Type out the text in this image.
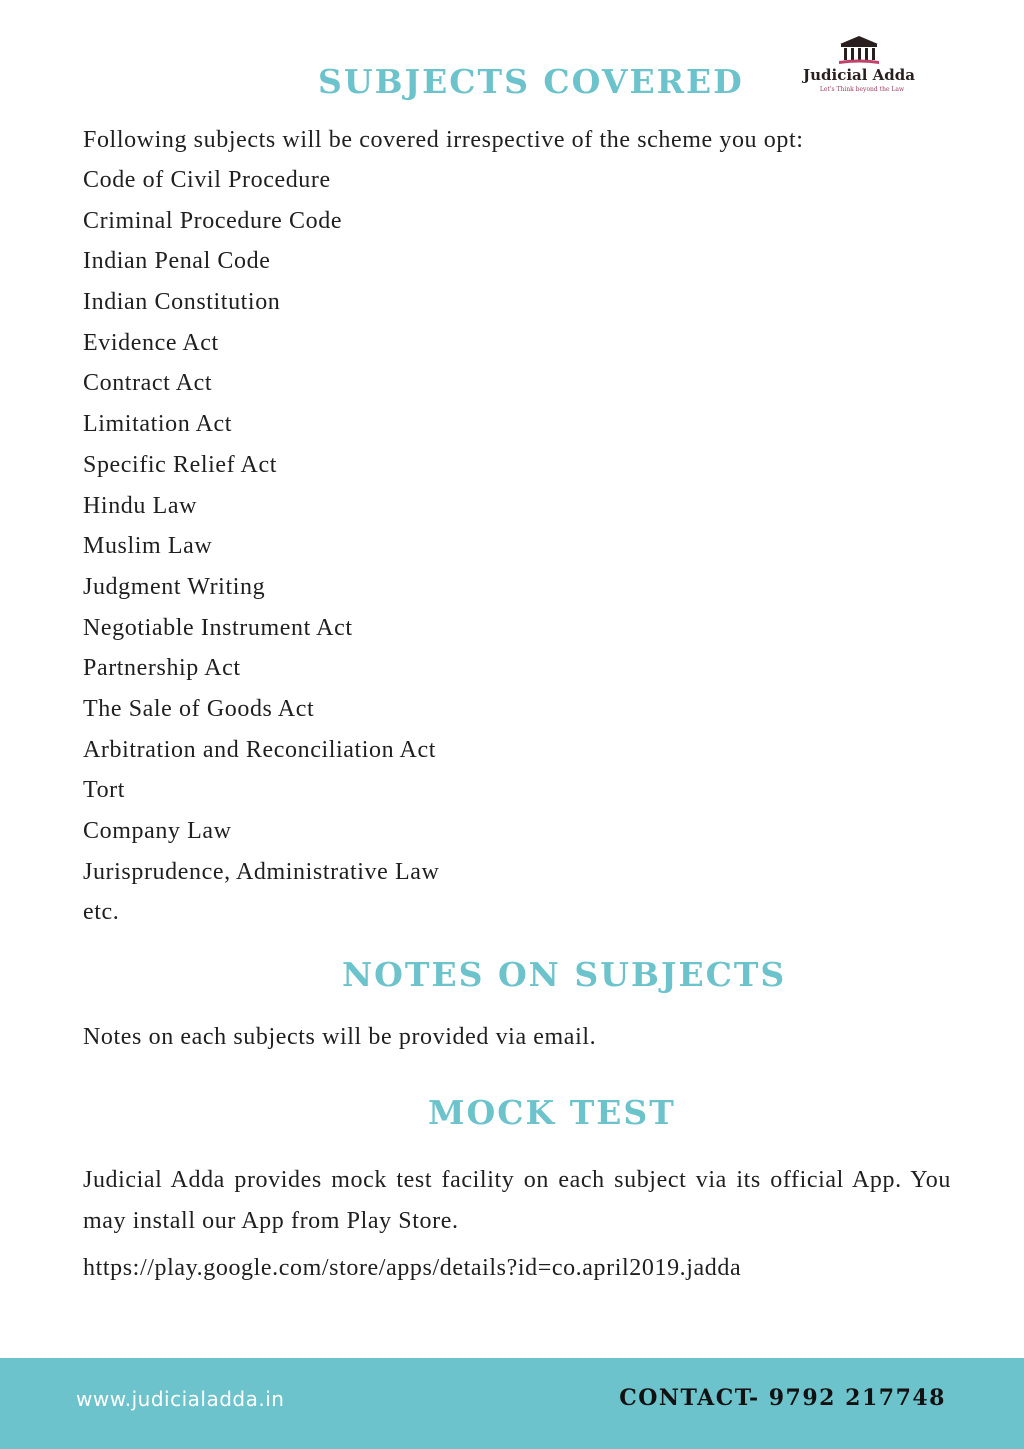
SUBJECTS COVERED	Judicial Adda
Let's Think beyond the Law
Following subjects will be covered irrespective of the scheme you opt:
Code of Civil Procedure
Criminal Procedure Code
Indian Penal Code
Indian Constitution
Evidence Act
Contract Act
Limitation Act
Specific Relief Act
Hindu Law
Muslim Law
Judgment Writing
Negotiable Instrument Act
Partnership Act
The Sale of Goods Act
Arbitration and Reconciliation Act
Tort
Company Law
Jurisprudence, Administrative Law
etc.
NOTES ON SUBJECTS
Notes on each subjects will be provided via email.
MOCK TEST
Judicial Adda provides mock test facility on each subject via its official App. You may install our App from Play Store.
https://play.google.com/store/apps/details?id=co.april2019.jadda
www.judicialadda.in	CONTACT- 9792 217748
